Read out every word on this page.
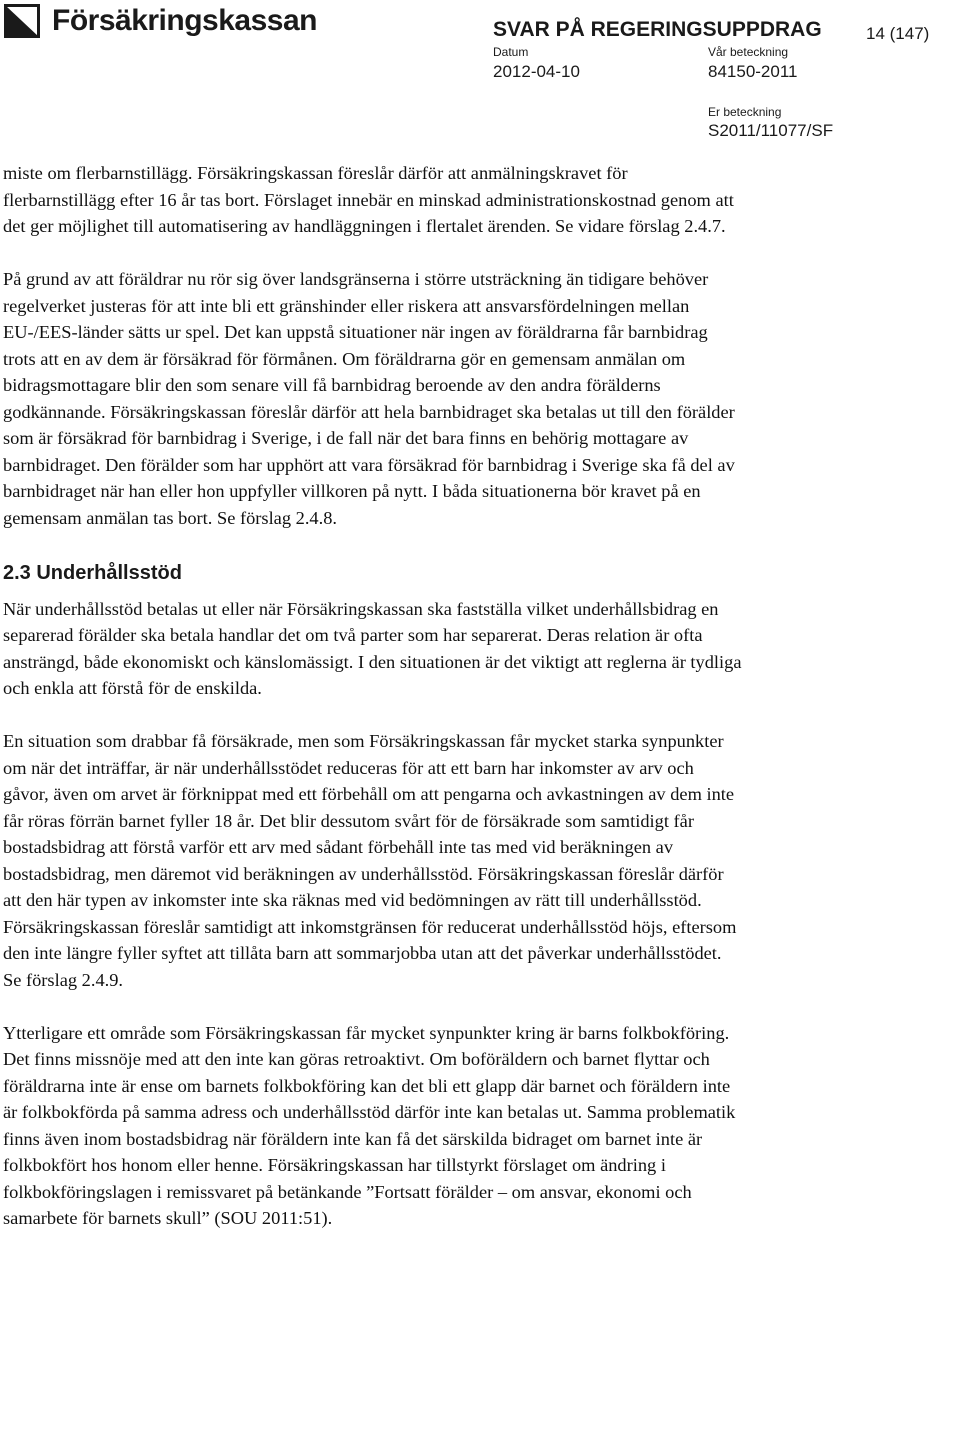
Försäkringskassan	SVAR PÅ REGERINGSUPPDRAG	14 (147)
Datum
2012-04-10
Vår beteckning
84150-2011
Er beteckning
S2011/11077/SF

miste om flerbarnstillägg. Försäkringskassan föreslår därför att anmälningskravet för flerbarnstillägg efter 16 år tas bort. Förslaget innebär en minskad administrationskostnad genom att det ger möjlighet till automatisering av handläggningen i flertalet ärenden. Se vidare förslag 2.4.7.

På grund av att föräldrar nu rör sig över landsgränserna i större utsträckning än tidigare behöver regelverket justeras för att inte bli ett gränshinder eller riskera att ansvarsfördelningen mellan EU-/EES-länder sätts ur spel. Det kan uppstå situationer när ingen av föräldrarna får barnbidrag trots att en av dem är försäkrad för förmånen. Om föräldrarna gör en gemensam anmälan om bidragsmottagare blir den som senare vill få barnbidrag beroende av den andra förälderns godkännande. Försäkringskassan föreslår därför att hela barnbidraget ska betalas ut till den förälder som är försäkrad för barnbidrag i Sverige, i de fall när det bara finns en behörig mottagare av barnbidraget. Den förälder som har upphört att vara försäkrad för barnbidrag i Sverige ska få del av barnbidraget när han eller hon uppfyller villkoren på nytt. I båda situationerna bör kravet på en gemensam anmälan tas bort. Se förslag 2.4.8.

2.3 Underhållsstöd

När underhållsstöd betalas ut eller när Försäkringskassan ska fastställa vilket underhållsbidrag en separerad förälder ska betala handlar det om två parter som har separerat. Deras relation är ofta ansträngd, både ekonomiskt och känslomässigt. I den situationen är det viktigt att reglerna är tydliga och enkla att förstå för de enskilda.

En situation som drabbar få försäkrade, men som Försäkringskassan får mycket starka synpunkter om när det inträffar, är när underhållsstödet reduceras för att ett barn har inkomster av arv och gåvor, även om arvet är förknippat med ett förbehåll om att pengarna och avkastningen av dem inte får röras förrän barnet fyller 18 år. Det blir dessutom svårt för de försäkrade som samtidigt får bostadsbidrag att förstå varför ett arv med sådant förbehåll inte tas med vid beräkningen av bostadsbidrag, men däremot vid beräkningen av underhållsstöd. Försäkringskassan föreslår därför att den här typen av inkomster inte ska räknas med vid bedömningen av rätt till underhållsstöd. Försäkringskassan föreslår samtidigt att inkomstgränsen för reducerat underhållsstöd höjs, eftersom den inte längre fyller syftet att tillåta barn att sommarjobba utan att det påverkar underhållsstödet. Se förslag 2.4.9.

Ytterligare ett område som Försäkringskassan får mycket synpunkter kring är barns folkbokföring. Det finns missnöje med att den inte kan göras retroaktivt. Om boföräldern och barnet flyttar och föräldrarna inte är ense om barnets folkbokföring kan det bli ett glapp där barnet och föräldern inte är folkbokförda på samma adress och underhållsstöd därför inte kan betalas ut. Samma problematik finns även inom bostadsbidrag när föräldern inte kan få det särskilda bidraget om barnet inte är folkbokfört hos honom eller henne. Försäkringskassan har tillstyrkt förslaget om ändring i folkbokföringslagen i remissvaret på betänkande ”Fortsatt förälder – om ansvar, ekonomi och samarbete för barnets skull” (SOU 2011:51).
